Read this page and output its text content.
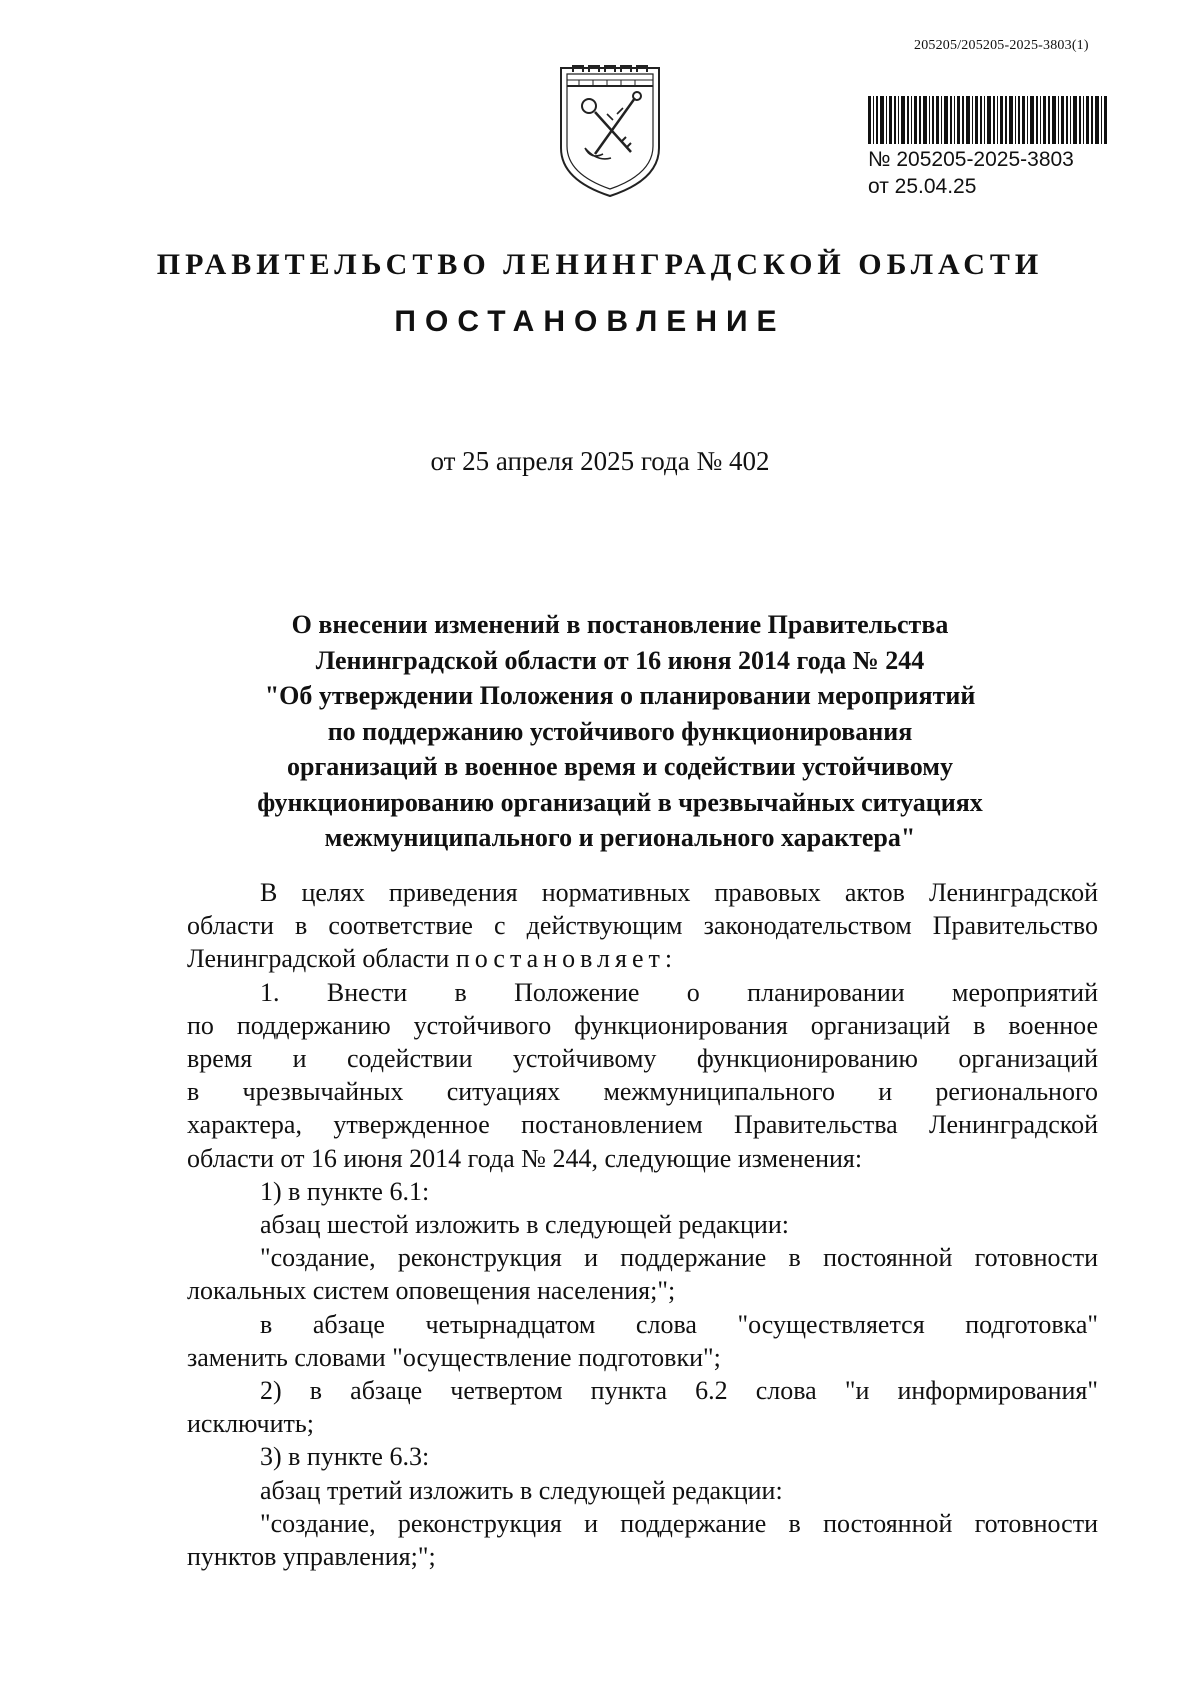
205205/205205-2025-3803(1)
№ 205205-2025-3803
от 25.04.25
ПРАВИТЕЛЬСТВО ЛЕНИНГРАДСКОЙ ОБЛАСТИ
ПОСТАНОВЛЕНИЕ
от 25 апреля 2025 года № 402
О внесении изменений в постановление Правительства
Ленинградской области от 16 июня 2014 года № 244
"Об утверждении Положения о планировании мероприятий
по поддержанию устойчивого функционирования
организаций в военное время и содействии устойчивому
функционированию организаций в чрезвычайных ситуациях
межмуниципального и регионального характера"
В целях приведения нормативных правовых актов Ленинградской
области в соответствие с действующим законодательством Правительство
Ленинградской области постановляет:
1. Внести в Положение о планировании мероприятий
по поддержанию устойчивого функционирования организаций в военное
время и содействии устойчивому функционированию организаций
в чрезвычайных ситуациях межмуниципального и регионального
характера, утвержденное постановлением Правительства Ленинградской
области от 16 июня 2014 года № 244, следующие изменения:
1) в пункте 6.1:
абзац шестой изложить в следующей редакции:
"создание, реконструкция и поддержание в постоянной готовности
локальных систем оповещения населения;";
в абзаце четырнадцатом слова "осуществляется подготовка"
заменить словами "осуществление подготовки";
2) в абзаце четвертом пункта 6.2 слова "и информирования"
исключить;
3) в пункте 6.3:
абзац третий изложить в следующей редакции:
"создание, реконструкция и поддержание в постоянной готовности
пунктов управления;";
